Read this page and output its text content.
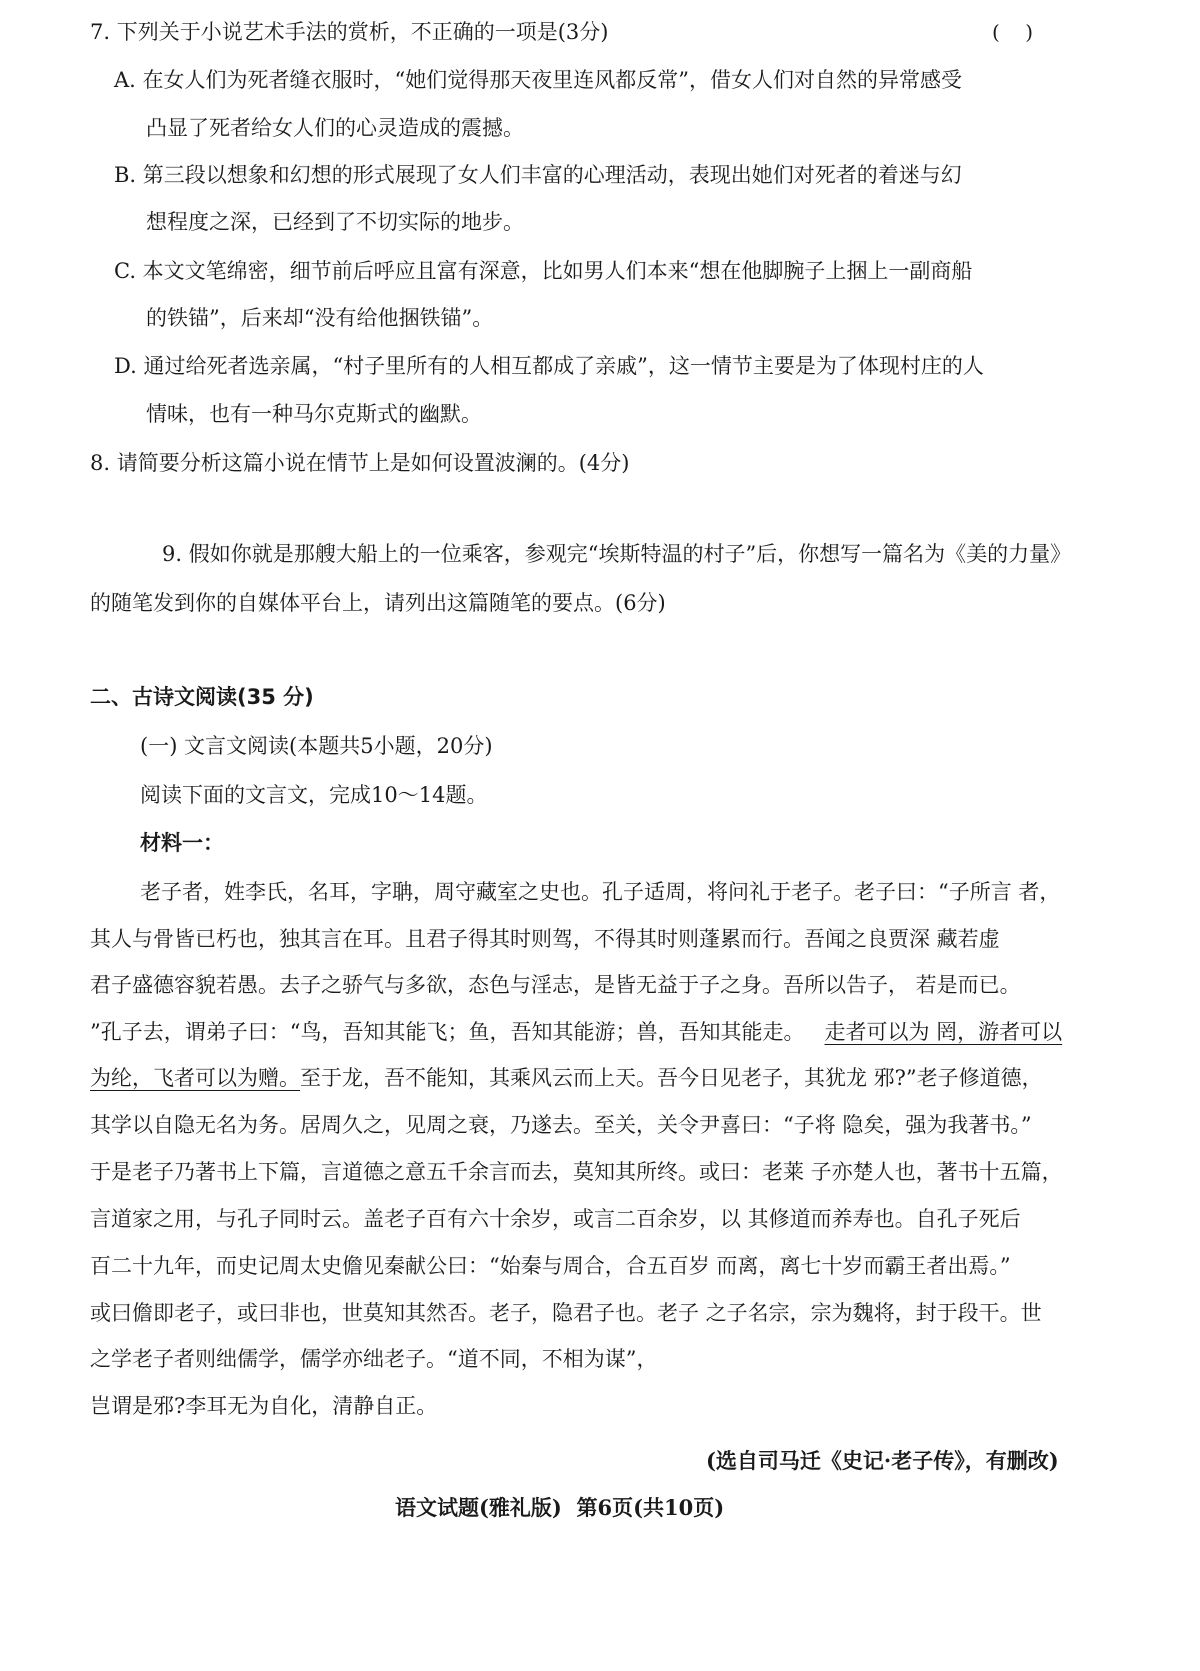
7. 下列关于小说艺术手法的赏析，不正确的一项是(3分)	(    )
A. 在女人们为死者缝衣服时，“她们觉得那天夜里连风都反常”，借女人们对自然的异常感受
凸显了死者给女人们的心灵造成的震撼。
B. 第三段以想象和幻想的形式展现了女人们丰富的心理活动，表现出她们对死者的着迷与幻
想程度之深，已经到了不切实际的地步。
C. 本文文笔绵密，细节前后呼应且富有深意，比如男人们本来“想在他脚腕子上捆上一副商船
的铁锚”，后来却“没有给他捆铁锚”。
D. 通过给死者选亲属，“村子里所有的人相互都成了亲戚”，这一情节主要是为了体现村庄的人
情味，也有一种马尔克斯式的幽默。
8. 请简要分析这篇小说在情节上是如何设置波澜的。(4分)
9. 假如你就是那艘大船上的一位乘客，参观完“埃斯特温的村子”后，你想写一篇名为《美的力量》
的随笔发到你的自媒体平台上，请列出这篇随笔的要点。(6分)
二、古诗文阅读(35 分)
(一) 文言文阅读(本题共5小题，20分)
阅读下面的文言文，完成10～14题。
材料一：
老子者，姓李氏，名耳，字聃，周守藏室之史也。孔子适周，将问礼于老子。老子曰：“子所言 者，
其人与骨皆已朽也，独其言在耳。且君子得其时则驾，不得其时则蓬累而行。吾闻之良贾深 藏若虚
君子盛德容貌若愚。去子之骄气与多欲，态色与淫志，是皆无益于子之身。吾所以告子， 若是而已。
”孔子去，谓弟子曰：“鸟，吾知其能飞；鱼，吾知其能游；兽，吾知其能走。 走者可以为 罔，游者可以
为纶，飞者可以为赠。至于龙，吾不能知，其乘风云而上天。吾今日见老子，其犹龙 邪?”老子修道德，
其学以自隐无名为务。居周久之，见周之衰，乃遂去。至关，关令尹喜曰：“子将 隐矣，强为我著书。”
于是老子乃著书上下篇，言道德之意五千余言而去，莫知其所终。或曰：老莱 子亦楚人也，著书十五篇，
言道家之用，与孔子同时云。盖老子百有六十余岁，或言二百余岁，以 其修道而养寿也。自孔子死后
百二十九年，而史记周太史儋见秦献公曰：“始秦与周合，合五百岁 而离，离七十岁而霸王者出焉。”
或曰儋即老子，或曰非也，世莫知其然否。老子，隐君子也。老子 之子名宗，宗为魏将，封于段干。世
之学老子者则绌儒学，儒学亦绌老子。“道不同，不相为谋”，
岂谓是邪?李耳无为自化，清静自正。
(选自司马迁《史记·老子传》，有删改)
语文试题(雅礼版)  第6页(共10页)
